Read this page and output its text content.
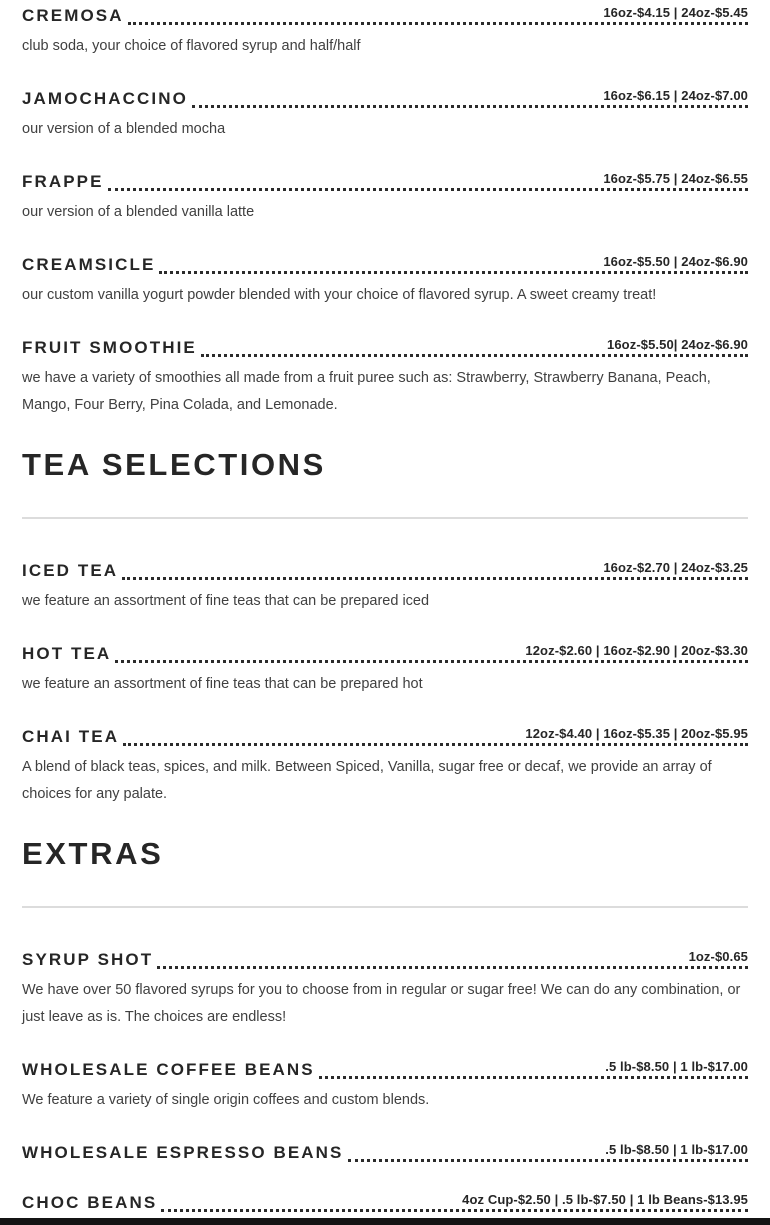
CREMOSA	16oz-$4.15 | 24oz-$5.45

club soda, your choice of flavored syrup and half/half

JAMOCHACCINO	16oz-$6.15 | 24oz-$7.00

our version of a blended mocha

FRAPPE	16oz-$5.75 | 24oz-$6.55

our version of a blended vanilla latte

CREAMSICLE	16oz-$5.50 | 24oz-$6.90

our custom vanilla yogurt powder blended with your choice of flavored syrup. A sweet creamy treat!

FRUIT SMOOTHIE	16oz-$5.50| 24oz-$6.90

we have a variety of smoothies all made from a fruit puree such as: Strawberry, Strawberry Banana, Peach, Mango, Four Berry, Pina Colada, and Lemonade.

TEA SELECTIONS
ICED TEA	16oz-$2.70 | 24oz-$3.25

we feature an assortment of fine teas that can be prepared iced

HOT TEA	12oz-$2.60 | 16oz-$2.90 | 20oz-$3.30

we feature an assortment of fine teas that can be prepared hot

CHAI TEA	12oz-$4.40 | 16oz-$5.35 | 20oz-$5.95

A blend of black teas, spices, and milk. Between Spiced, Vanilla, sugar free or decaf, we provide an array of choices for any palate.

EXTRAS
SYRUP SHOT	1oz-$0.65

We have over 50 flavored syrups for you to choose from in regular or sugar free! We can do any combination, or just leave as is. The choices are endless!

WHOLESALE COFFEE BEANS	.5 lb-$8.50 | 1 lb-$17.00

We feature a variety of single origin coffees and custom blends.

WHOLESALE ESPRESSO BEANS	.5 lb-$8.50 | 1 lb-$17.00
CHOC BEANS	4oz Cup-$2.50 | .5 lb-$7.50 | 1 lb Beans-$13.95
